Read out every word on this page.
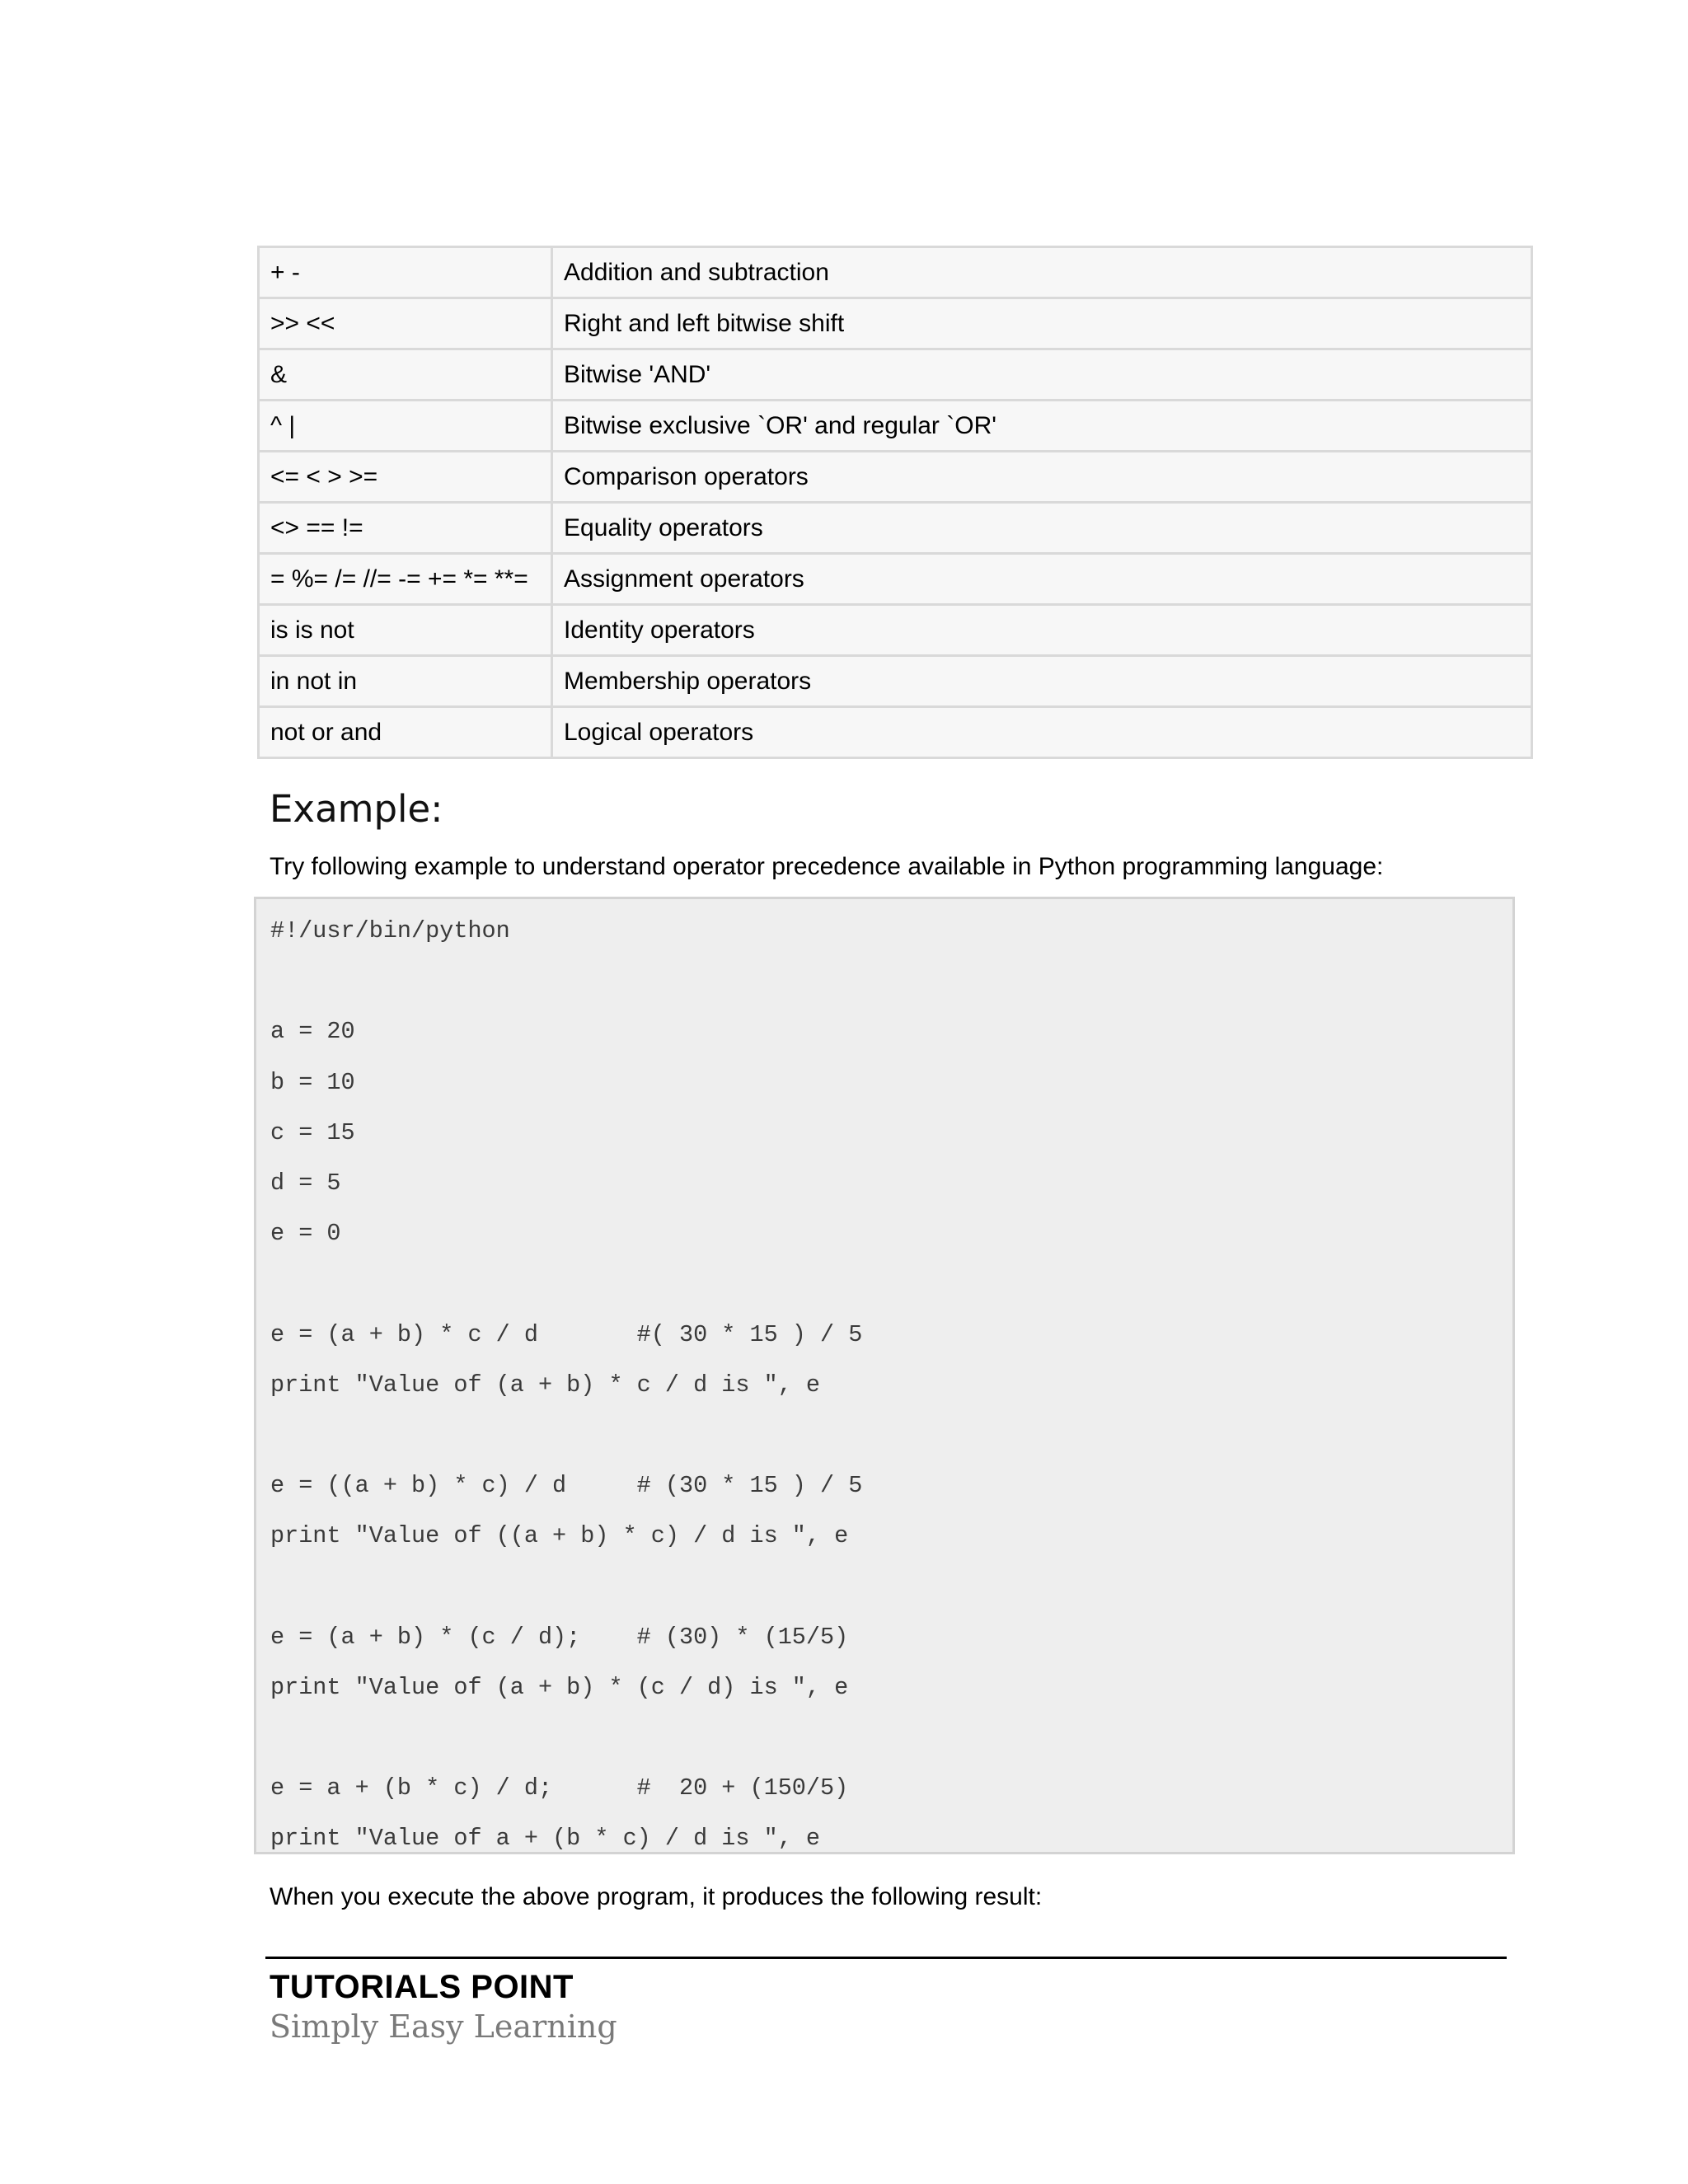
+ -	Addition and subtraction
>> <<	Right and left bitwise shift
&	Bitwise 'AND'
^ |	Bitwise exclusive `OR' and regular `OR'
<= < > >=	Comparison operators
<> == !=	Equality operators
= %= /= //= -= += *= **=	Assignment operators
is is not	Identity operators
in not in	Membership operators
not or and	Logical operators
Example:

Try following example to understand operator precedence available in Python programming language:

#!/usr/bin/python
a = 20
b = 10
c = 15
d = 5
e = 0
e = (a + b) * c / d       #( 30 * 15 ) / 5
print "Value of (a + b) * c / d is ", e
e = ((a + b) * c) / d     # (30 * 15 ) / 5
print "Value of ((a + b) * c) / d is ", e
e = (a + b) * (c / d);    # (30) * (15/5)
print "Value of (a + b) * (c / d) is ", e
e = a + (b * c) / d;      #  20 + (150/5)
print "Value of a + (b * c) / d is ", e

When you execute the above program, it produces the following result:

TUTORIALS POINT
Simply Easy Learning
